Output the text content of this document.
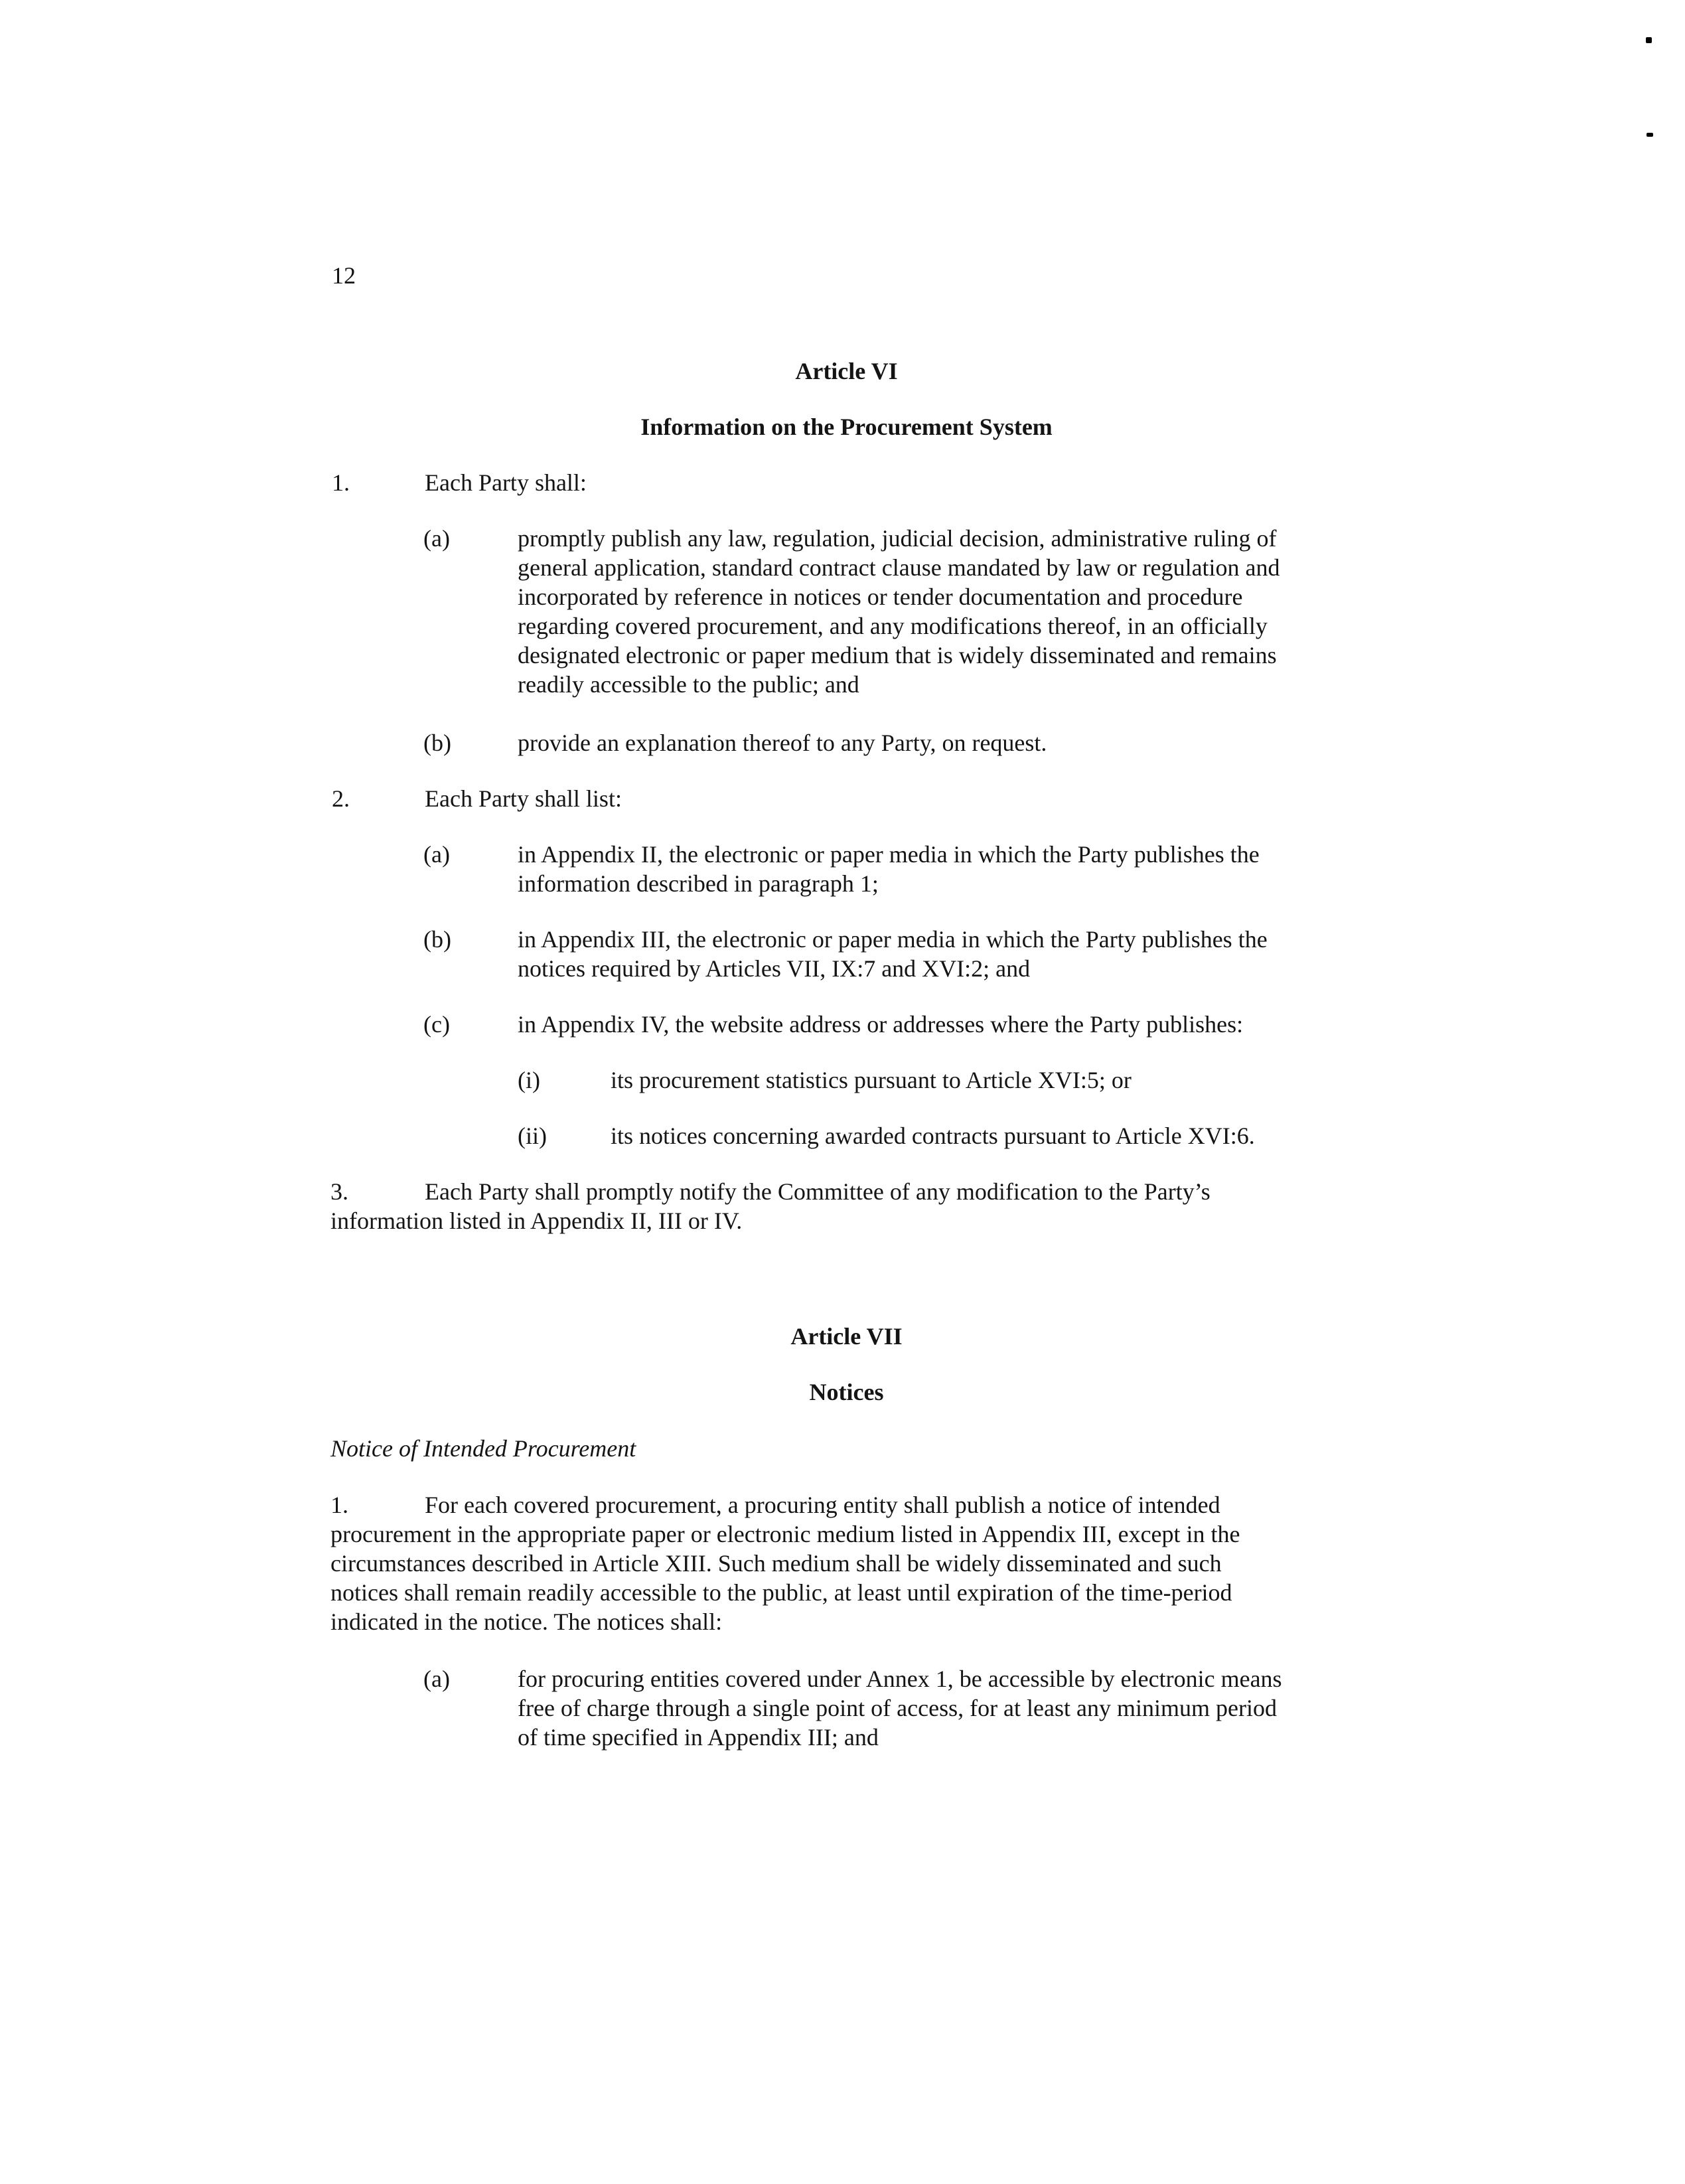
12
Article VI
Information on the Procurement System
1.	Each Party shall:
(a)	promptly publish any law, regulation, judicial decision, administrative ruling of
general application, standard contract clause mandated by law or regulation and
incorporated by reference in notices or tender documentation and procedure
regarding covered procurement, and any modifications thereof, in an officially
designated electronic or paper medium that is widely disseminated and remains
readily accessible to the public; and
(b)	provide an explanation thereof to any Party, on request.
2.	Each Party shall list:
(a)	in Appendix II, the electronic or paper media in which the Party publishes the
information described in paragraph 1;
(b)	in Appendix III, the electronic or paper media in which the Party publishes the
notices required by Articles VII, IX:7 and XVI:2; and
(c)	in Appendix IV, the website address or addresses where the Party publishes:
(i)	its procurement statistics pursuant to Article XVI:5; or
(ii)	its notices concerning awarded contracts pursuant to Article XVI:6.
3.	Each Party shall promptly notify the Committee of any modification to the Party’s
information listed in Appendix II, III or IV.
Article VII
Notices
Notice of Intended Procurement
1.	For each covered procurement, a procuring entity shall publish a notice of intended
procurement in the appropriate paper or electronic medium listed in Appendix III, except in the
circumstances described in Article XIII. Such medium shall be widely disseminated and such
notices shall remain readily accessible to the public, at least until expiration of the time-period
indicated in the notice. The notices shall:
(a)	for procuring entities covered under Annex 1, be accessible by electronic means
free of charge through a single point of access, for at least any minimum period
of time specified in Appendix III; and
